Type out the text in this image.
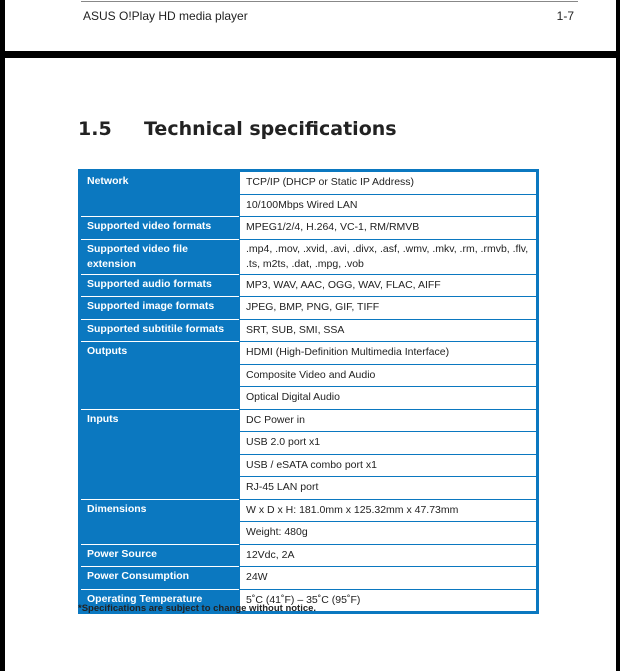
ASUS O!Play HD media player	1-7
1.5 Technical specifications
Network	TCP/IP (DHCP or Static IP Address)
	10/100Mbps Wired LAN
Supported video formats	MPEG1/2/4, H.264, VC-1, RM/RMVB
Supported video file extension	.mp4, .mov, .xvid, .avi, .divx, .asf, .wmv, .mkv, .rm, .rmvb, .flv, .ts, m2ts, .dat, .mpg, .vob
Supported audio formats	MP3, WAV, AAC, OGG, WAV, FLAC, AIFF
Supported image formats	JPEG, BMP, PNG, GIF, TIFF
Supported subtitile formats	SRT, SUB, SMI, SSA
Outputs	HDMI (High-Definition Multimedia Interface)
	Composite Video and Audio
	Optical Digital Audio
Inputs	DC Power in
	USB 2.0 port x1
	USB / eSATA combo port x1
	RJ-45 LAN port
Dimensions	W x D x H: 181.0mm x 125.32mm x 47.73mm
	Weight: 480g
Power Source	12Vdc, 2A
Power Consumption	24W
Operating Temperature	5˚C (41˚F) – 35˚C (95˚F)
*Specifications are subject to change without notice.
